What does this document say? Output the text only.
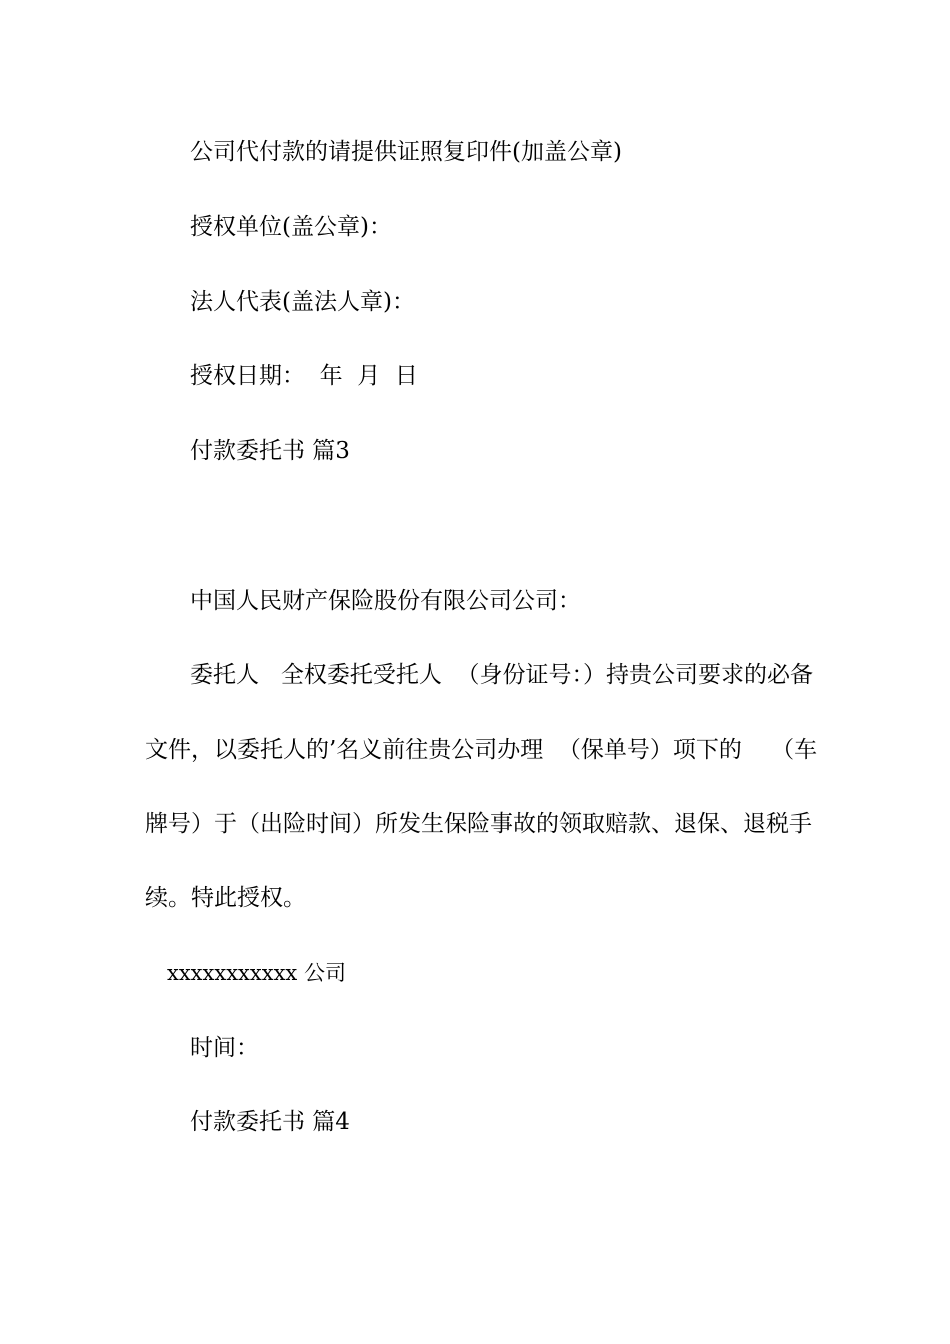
公司代付款的请提供证照复印件(加盖公章)
授权单位(盖公章)：
法人代表(盖法人章)：
授权日期：  年  月  日
付款委托书 篇3
中国人民财产保险股份有限公司公司：
委托人   全权委托受托人  （身份证号：）持贵公司要求的必备
文件，以委托人的’名义前往贵公司办理  （保单号）项下的    （车
牌号）于（出险时间）所发生保险事故的领取赔款、退保、退税手
续。特此授权。
xxxxxxxxxxx 公司
时间：
付款委托书 篇4
